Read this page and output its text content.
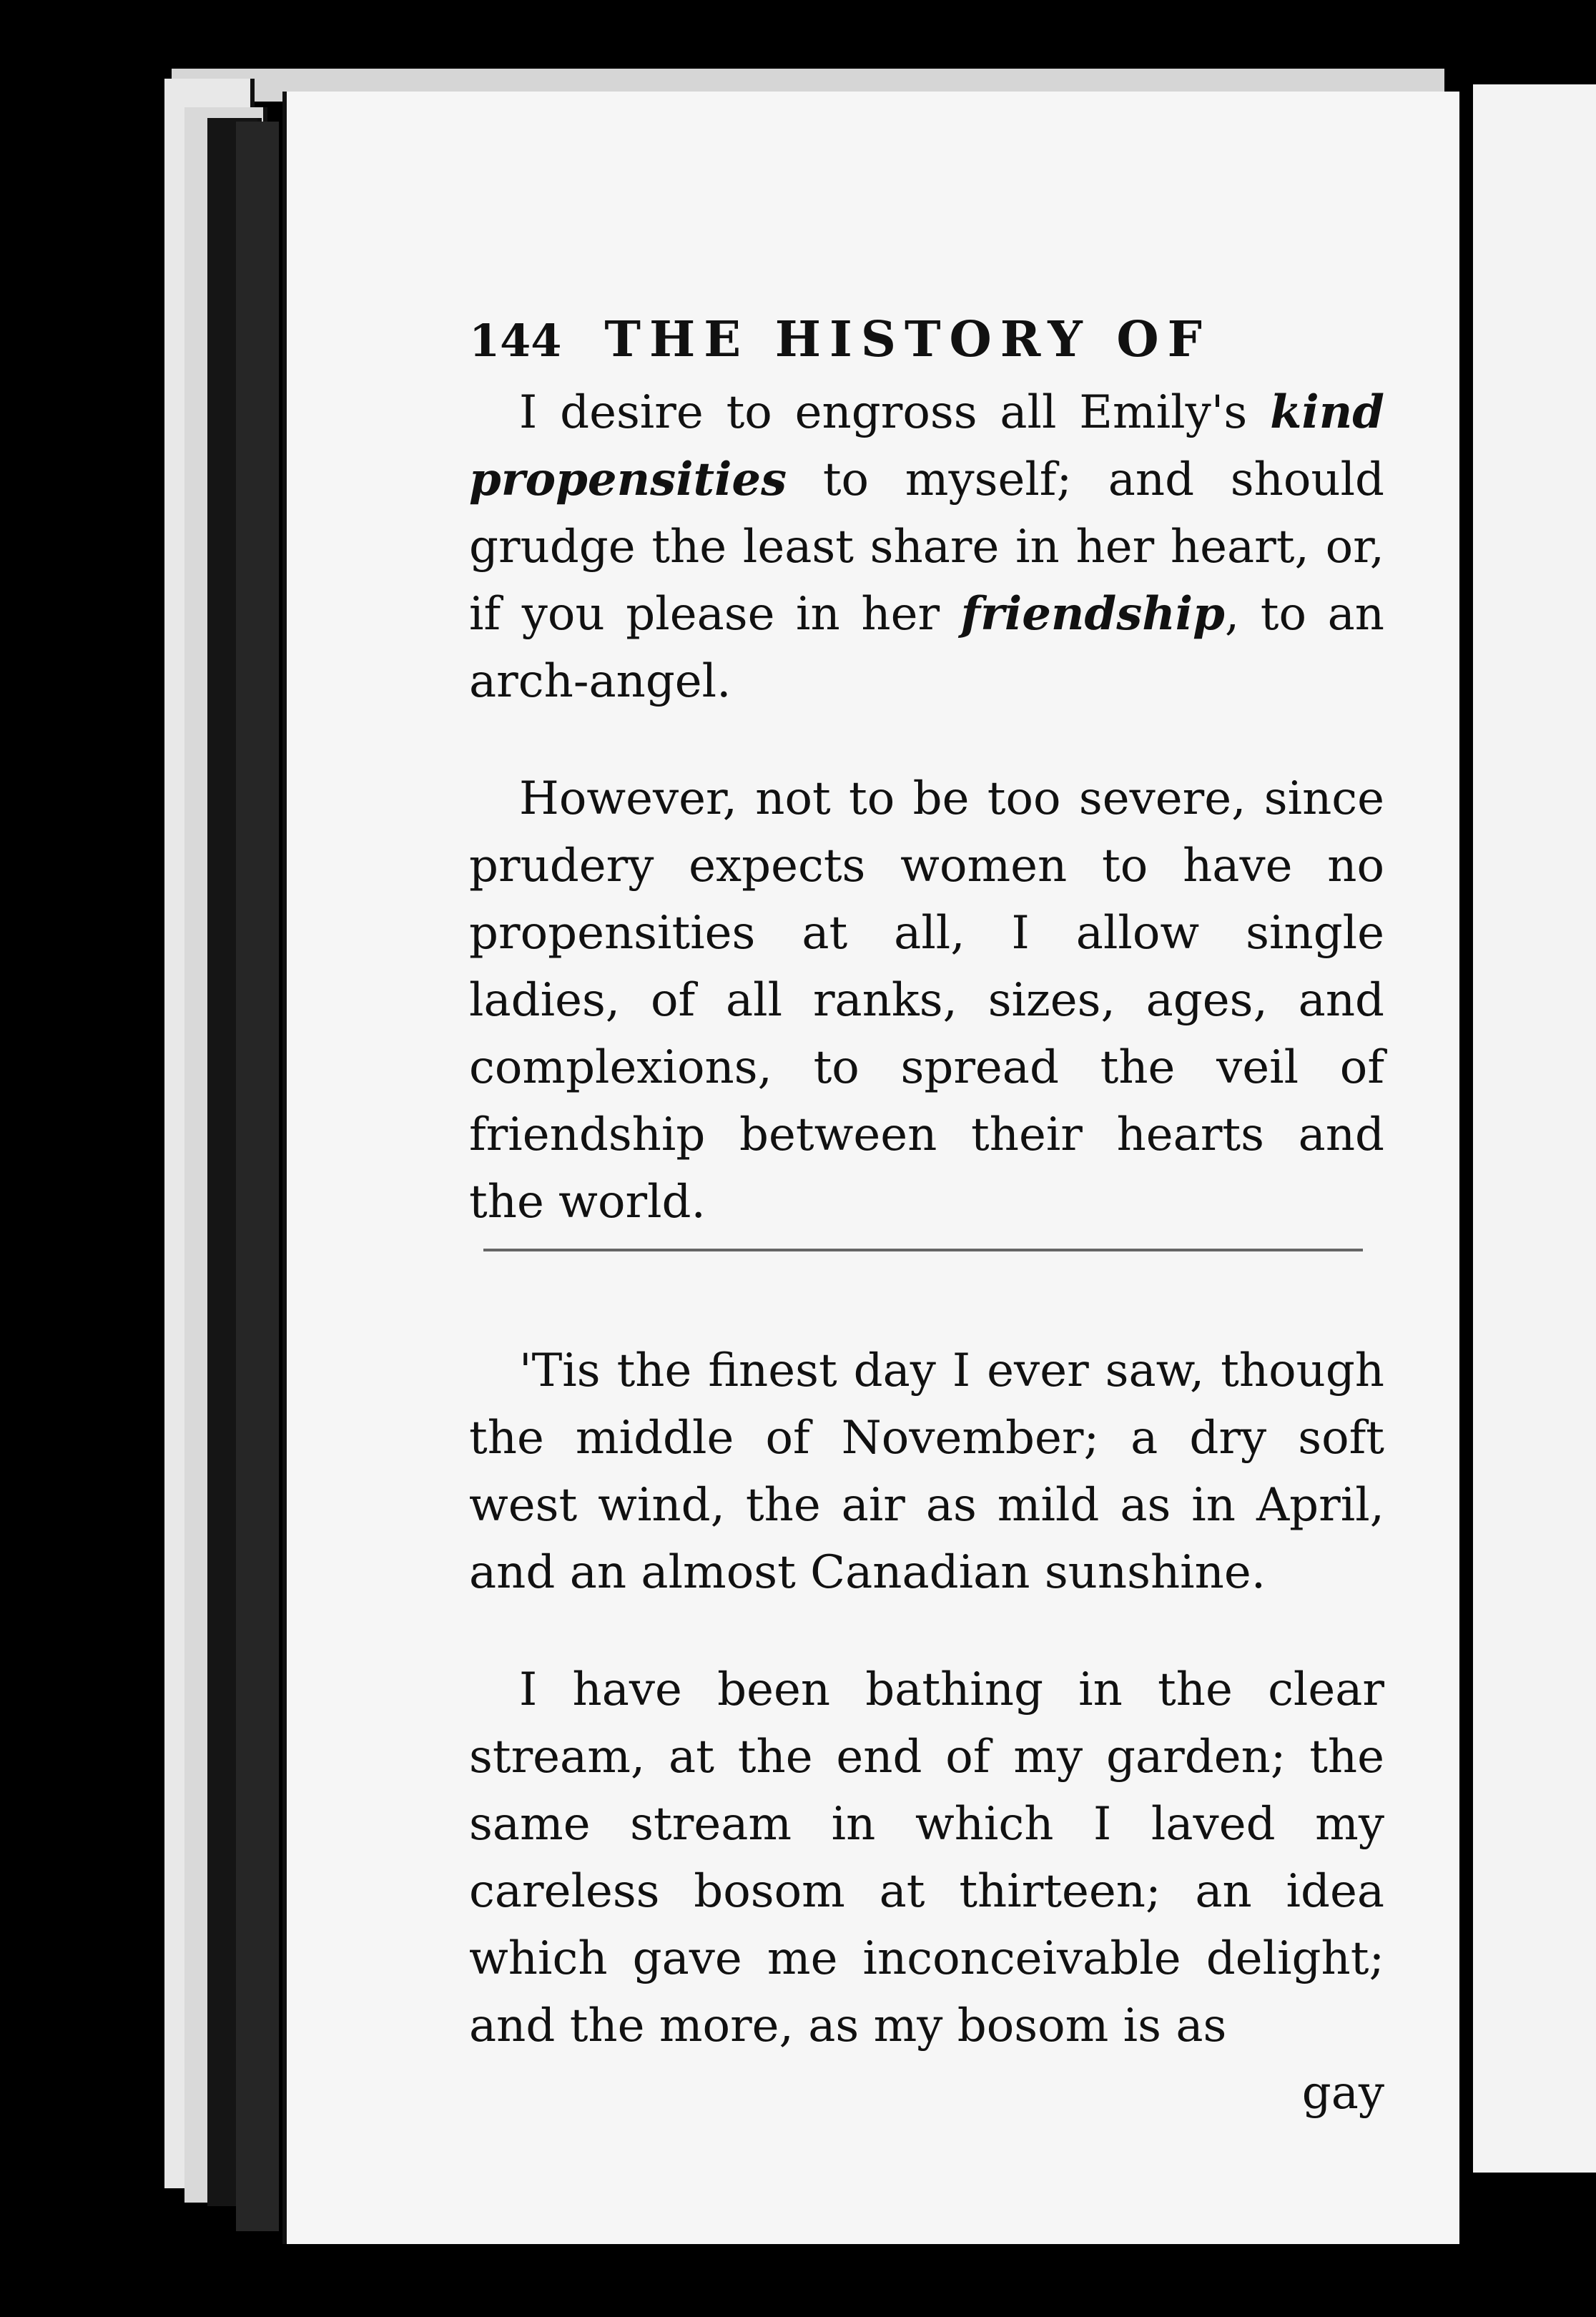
144 THE HISTORY OF

I desire to engross all Emily's kind propensities to myself; and should grudge the least share in her heart, or, if you please in her friendship, to an arch-angel.

However, not to be too severe, since prudery expects women to have no propensities at all, I allow single ladies, of all ranks, sizes, ages, and complexions, to spread the veil of friendship between their hearts and the world.

'Tis the finest day I ever saw, though the middle of November; a dry soft west wind, the air as mild as in April, and an almost Canadian sunshine.

I have been bathing in the clear stream, at the end of my garden; the same stream in which I laved my careless bosom at thirteen; an idea which gave me inconceivable delight; and the more, as my bosom is as

gay
